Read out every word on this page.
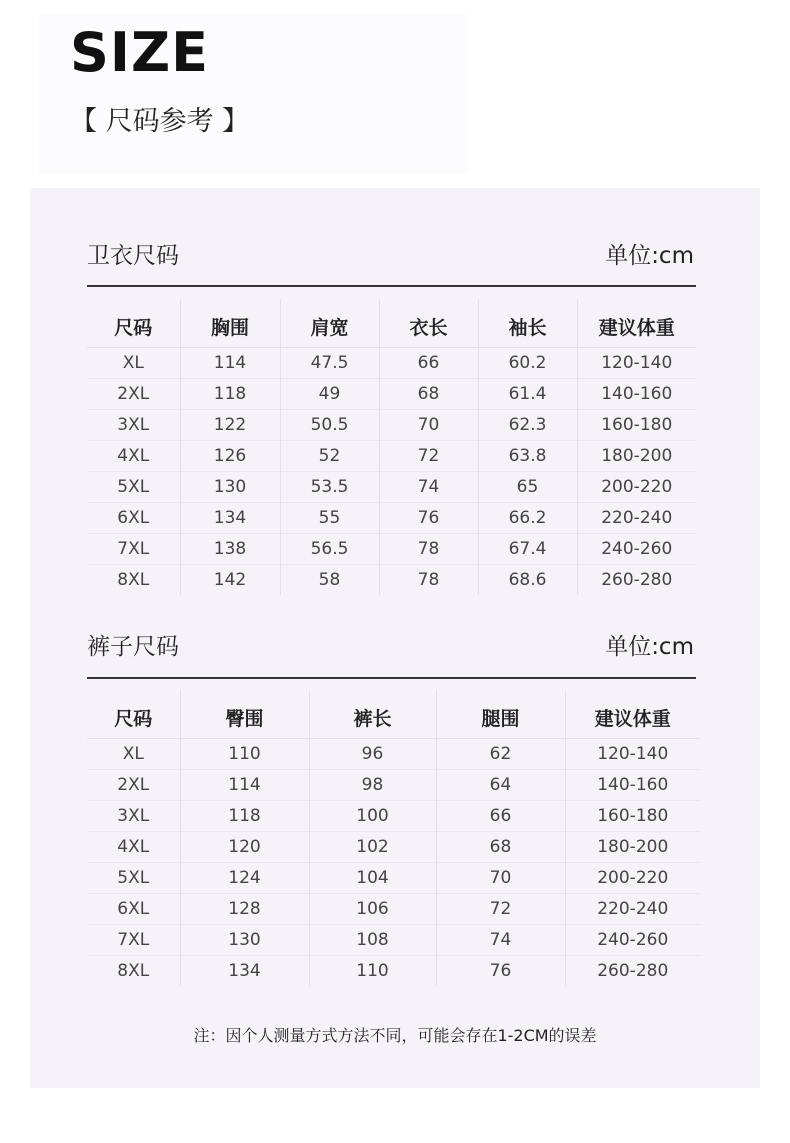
SIZE
【 尺码参考 】
卫衣尺码	单位:cm
尺码	胸围	肩宽	衣长	袖长	建议体重
XL	114	47.5	66	60.2	120-140
2XL	118	49	68	61.4	140-160
3XL	122	50.5	70	62.3	160-180
4XL	126	52	72	63.8	180-200
5XL	130	53.5	74	65	200-220
6XL	134	55	76	66.2	220-240
7XL	138	56.5	78	67.4	240-260
8XL	142	58	78	68.6	260-280
裤子尺码	单位:cm
尺码	臀围	裤长	腿围	建议体重
XL	110	96	62	120-140
2XL	114	98	64	140-160
3XL	118	100	66	160-180
4XL	120	102	68	180-200
5XL	124	104	70	200-220
6XL	128	106	72	220-240
7XL	130	108	74	240-260
8XL	134	110	76	260-280
注：因个人测量方式方法不同，可能会存在1-2CM的误差
